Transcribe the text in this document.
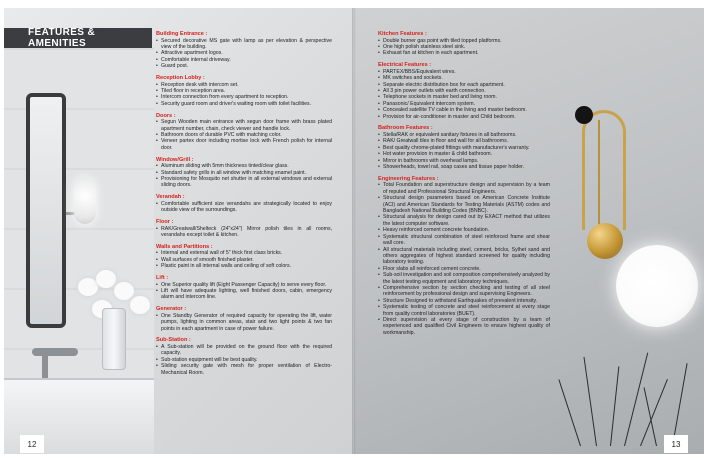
FEATURES & AMENITIES
Building Entrance :
• Secured decorative MS gate with lamp as per elevation & perspective view of the building.
• Attractive apartment logos.
• Comfortable internal driveway.
• Guard post.
Reception Lobby :
• Reception desk with intercom set.
• Tiled floor in reception area.
• Intercom connection from every apartment to reception.
• Security guard room and driver's waiting room with toilet facilities.
Doors :
• Segun Wooden main entrance with segun door frame with brass plated apartment number, chain, check viewer and handle lock.
• Bathroom doors of durable PVC with matching color.
• Veneer partex door including mortise lock with French polish for internal door.
Window/Grill :
• Aluminum sliding with 5mm thickness tinted/clear glass.
• Standard safety grills in all window with matching enamel paint.
• Provisioning for Mosquito net shutter in all external windows and external sliding doors.
Verandah :
• Comfortable sufficient size verandahs are strategically located to enjoy outside view of the surroundings.
Floor :
• RAK/Greatwall/Shelteck (24"x24") Mirror polish tiles in all rooms, verandahs except toilet & kitchen.
Walls and Partitions :
• Internal and external wall of 5" thick first class bricks.
• Wall surfaces of smooth finished plaster.
• Plastic paint in all internal walls and ceiling of soft colors.
Lift :
• One Superior quality lift (Eight Passenger Capacity) to serve every floor.
• Lift will have adequate lighting, well finished doors, cabin, emergency alarm and intercom line.
Generator :
• One Standby Generator of required capacity for operating the lift, water pumps, lighting in common areas, stair and two light points & two fan points in each apartment in case of power failure.
Sub-Station :
• A Sub-station will be provided on the ground floor with the required capacity.
• Sub-station equipment will be best quality.
• Sliding security gate with mesh for proper ventilation of Electro-Mechanical Room.
Kitchen Features :
• Double burner gas point with tiled topped platforms.
• One high polish stainless steel sink.
• Exhaust fan at kitchen in each apartment.
Electrical Features :
• PARTEX/BBS/Equivalent wires.
• MK switches and sockets.
• Separate electric distribution box for each apartment.
• All 3 pin power outlets with earth connection.
• Telephone sockets in master bed and living room.
• Panasonic/ Equivalent intercom system.
• Concealed satellite TV cable in the living and master bedroom.
• Provision for air-conditioner in master and Child bedroom.
Bathroom Features :
• Stella/RAK or equivalent sanitary fixtures in all bathrooms.
• RAK/ Greatwall tiles in floor and wall for all bathrooms.
• Best quality chrome-plated fittings with manufacturer's warranty.
• Hot water provision in master & child bathroom.
• Mirror in bathrooms with overhead lamps.
• Showerheads, towel rail, soap cases and tissue paper holder.
Engineering Features :
• Total Foundation and superstructure design and supervision by a team of reputed and Professional Structural Engineers.
• Structural design parameters based on American Concrete Institute (ACI) and American Standards for Testing Materials (ASTM) codes and Bangladesh National Building Codes (BNBC).
• Structural analysis for design cared out by EXACT method that utilizes the latest computer software.
• Heavy reinforced cement concrete foundation.
• Systematic structural combination of steel reinforced frame and shear wall core.
• All structural materials including steel, cement, bricks, Sylhet sand and others aggregates of highest standard screened for quality including laboratory testing.
• Floor slabs all reinforced cement concrete.
• Sub-soil investigation and soil composition comprehensively analyzed by the latest testing equipment and laboratory techniques.
• Comprehensive section by section checking and testing of all steel reinforcement by professional design and supervising Engineers.
• Structure Designed to withstand Earthquakes of prevalent intensity.
• Systematic testing of concrete and steel reinforcement at every stage from quality control laboratories (BUET).
• Direct supervision at every stage of construction by a team of experienced and qualified Civil Engineers to ensure highest quality of workmanship.
12	13
